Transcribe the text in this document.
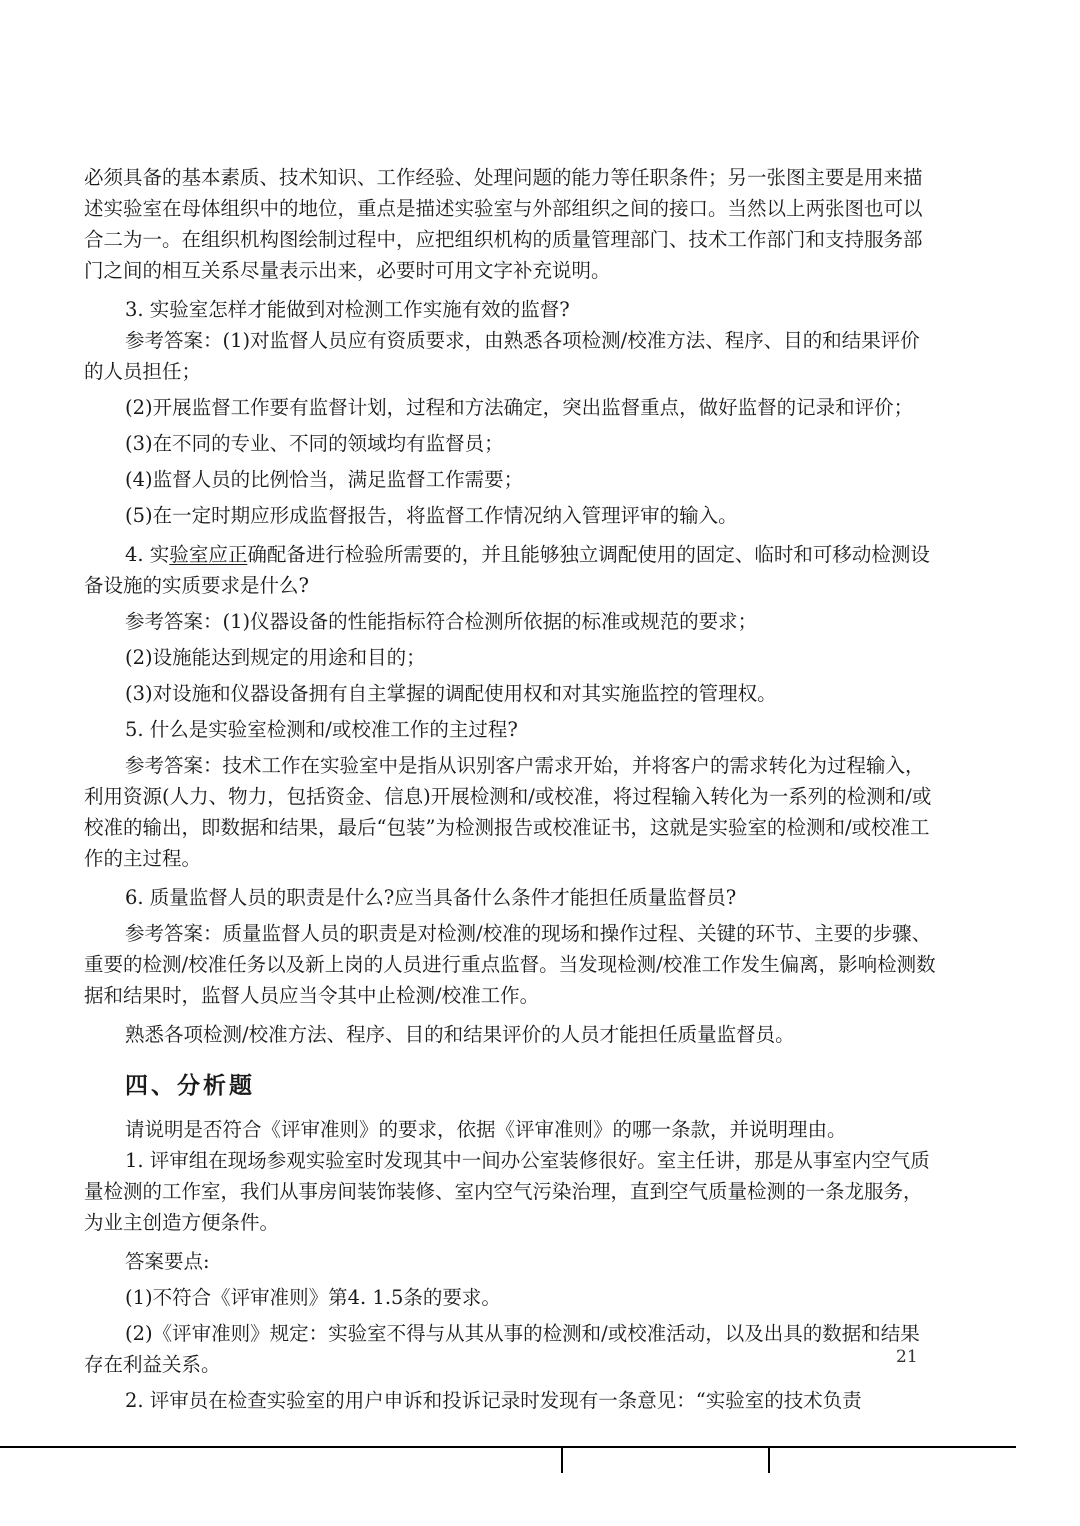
必须具备的基本素质、技术知识、工作经验、处理问题的能力等任职条件；另一张图主要是用来描述实验室在母体组织中的地位，重点是描述实验室与外部组织之间的接口。当然以上两张图也可以合二为一。在组织机构图绘制过程中，应把组织机构的质量管理部门、技术工作部门和支持服务部门之间的相互关系尽量表示出来，必要时可用文字补充说明。

3. 实验室怎样才能做到对检测工作实施有效的监督?

参考答案：(1)对监督人员应有资质要求，由熟悉各项检测/校准方法、程序、目的和结果评价的人员担任；

(2)开展监督工作要有监督计划，过程和方法确定，突出监督重点，做好监督的记录和评价；

(3)在不同的专业、不同的领域均有监督员；

(4)监督人员的比例恰当，满足监督工作需要；

(5)在一定时期应形成监督报告，将监督工作情况纳入管理评审的输入。

4. 实验室应正确配备进行检验所需要的，并且能够独立调配使用的固定、临时和可移动检测设备设施的实质要求是什么?

参考答案：(1)仪器设备的性能指标符合检测所依据的标准或规范的要求；

(2)设施能达到规定的用途和目的；

(3)对设施和仪器设备拥有自主掌握的调配使用权和对其实施监控的管理权。

5. 什么是实验室检测和/或校准工作的主过程?

参考答案：技术工作在实验室中是指从识别客户需求开始，并将客户的需求转化为过程输入，利用资源(人力、物力，包括资金、信息)开展检测和/或校准，将过程输入转化为一系列的检测和/或校准的输出，即数据和结果，最后“包装”为检测报告或校准证书，这就是实验室的检测和/或校准工作的主过程。

6. 质量监督人员的职责是什么?应当具备什么条件才能担任质量监督员?

参考答案：质量监督人员的职责是对检测/校准的现场和操作过程、关键的环节、主要的步骤、重要的检测/校准任务以及新上岗的人员进行重点监督。当发现检测/校准工作发生偏离，影响检测数据和结果时，监督人员应当令其中止检测/校准工作。

熟悉各项检测/校准方法、程序、目的和结果评价的人员才能担任质量监督员。

四、分析题

请说明是否符合《评审准则》的要求，依据《评审准则》的哪一条款，并说明理由。

1. 评审组在现场参观实验室时发现其中一间办公室装修很好。室主任讲，那是从事室内空气质量检测的工作室，我们从事房间装饰装修、室内空气污染治理，直到空气质量检测的一条龙服务，为业主创造方便条件。

答案要点:

(1)不符合《评审准则》第4. 1.5条的要求。

(2)《评审准则》规定：实验室不得与从其从事的检测和/或校准活动，以及出具的数据和结果存在利益关系。

2. 评审员在检查实验室的用户申诉和投诉记录时发现有一条意见：“实验室的技术负责

21
